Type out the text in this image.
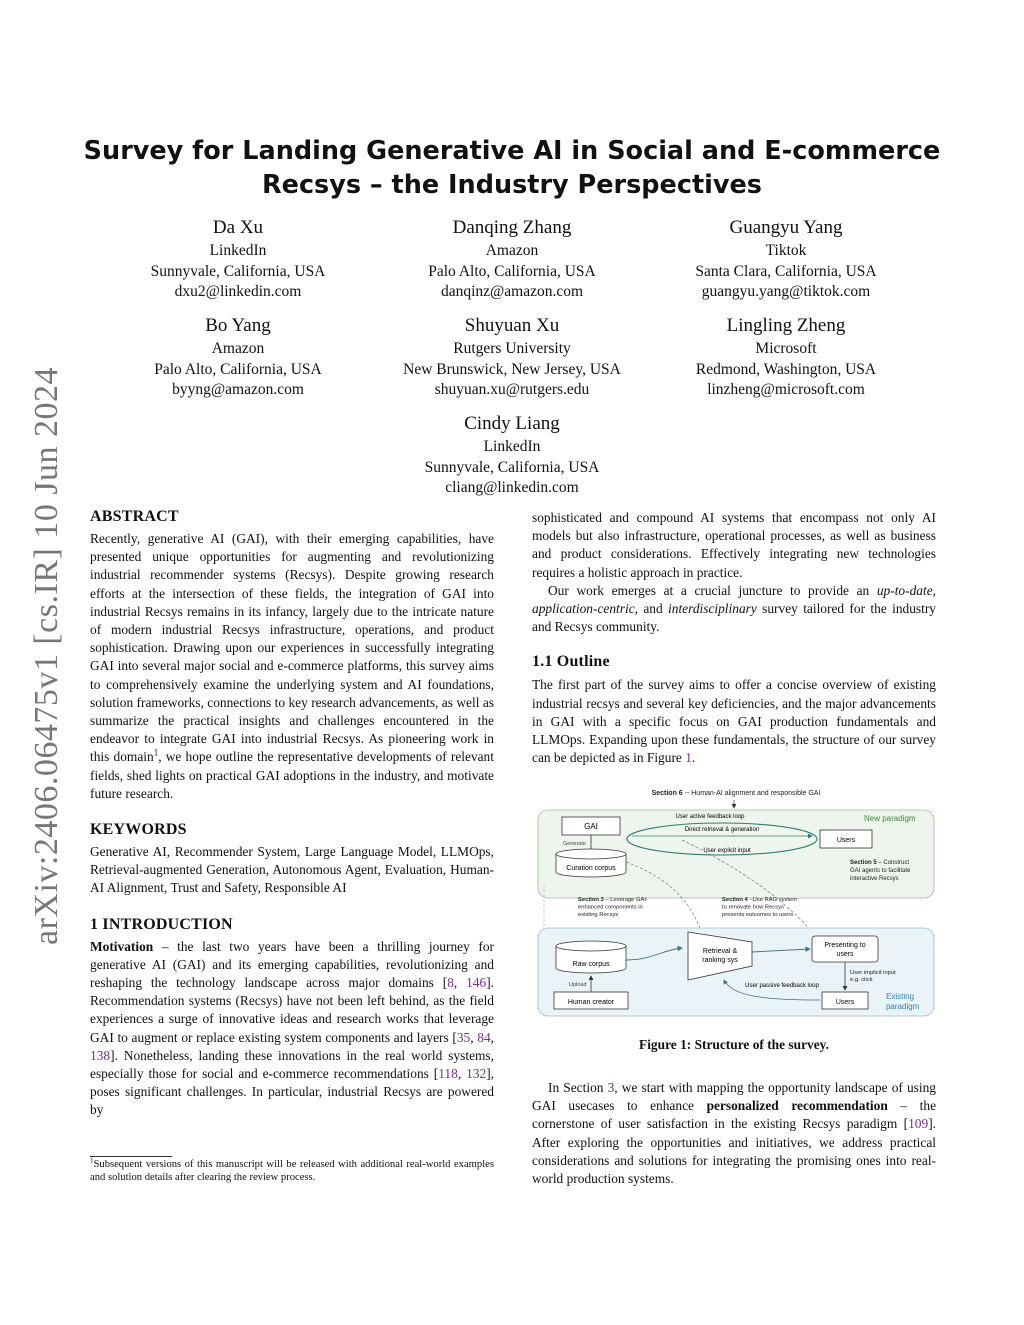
arXiv:2406.06475v1 [cs.IR] 10 Jun 2024
Survey for Landing Generative AI in Social and E-commerce
Recsys – the Industry Perspectives
Da Xu
LinkedIn
Sunnyvale, California, USA
dxu2@linkedin.com
Danqing Zhang
Amazon
Palo Alto, California, USA
danqinz@amazon.com
Guangyu Yang
Tiktok
Santa Clara, California, USA
guangyu.yang@tiktok.com
Bo Yang
Amazon
Palo Alto, California, USA
byyng@amazon.com
Shuyuan Xu
Rutgers University
New Brunswick, New Jersey, USA
shuyuan.xu@rutgers.edu
Lingling Zheng
Microsoft
Redmond, Washington, USA
linzheng@microsoft.com
Cindy Liang
LinkedIn
Sunnyvale, California, USA
cliang@linkedin.com
ABSTRACT

Recently, generative AI (GAI), with their emerging capabilities, have presented unique opportunities for augmenting and revolutionizing industrial recommender systems (Recsys). Despite growing research efforts at the intersection of these fields, the integration of GAI into industrial Recsys remains in its infancy, largely due to the intricate nature of modern industrial Recsys infrastructure, operations, and product sophistication. Drawing upon our experiences in successfully integrating GAI into several major social and e-commerce platforms, this survey aims to comprehensively examine the underlying system and AI foundations, solution frameworks, connections to key research advancements, as well as summarize the practical insights and challenges encountered in the endeavor to integrate GAI into industrial Recsys. As pioneering work in this domain$^1$, we hope outline the representative developments of relevant fields, shed lights on practical GAI adoptions in the industry, and motivate future research.

KEYWORDS

Generative AI, Recommender System, Large Language Model, LLMOps, Retrieval-augmented Generation, Autonomous Agent, Evaluation, Human-AI Alignment, Trust and Safety, Responsible AI

1 INTRODUCTION

Motivation – the last two years have been a thrilling journey for generative AI (GAI) and its emerging capabilities, revolutionizing and reshaping the technology landscape across major domains [8, 146]. Recommendation systems (Recsys) have not been left behind, as the field experiences a surge of innovative ideas and research works that leverage GAI to augment or replace existing system components and layers [35, 84, 138]. Nonetheless, landing these innovations in the real world systems, especially those for social and e-commerce recommendations [118, 132], poses significant challenges. In particular, industrial Recsys are powered by

$^1$Subsequent versions of this manuscript will be released with additional real-world examples and solution details after clearing the review process.

sophisticated and compound AI systems that encompass not only AI models but also infrastructure, operational processes, as well as business and product considerations. Effectively integrating new technologies requires a holistic approach in practice.

Our work emerges at a crucial juncture to provide an up-to-date, application-centric, and interdisciplinary survey tailored for the industry and Recsys community.

1.1 Outline

The first part of the survey aims to offer a concise overview of existing industrial recsys and several key deficiencies, and the major advancements in GAI with a specific focus on GAI production fundamentals and LLMOps. Expanding upon these fundamentals, the structure of our survey can be depicted as in Figure 1.

Section 6 -- Human-AI alignment and responsible GAI
New paradigm
GAI
Generate
Curation corpus
User active feedback loop
Direct retrieval & generation
User explicit input
Users
Section 5 – Construct GAI agents to facilitate interactive Recsys
Section 3 – Leverage GAI-enhanced components in existing Recsys
Section 4 –Use RAG system to renovate how Recsys presents outcomes to users
Existing paradigm
Raw corpus
Upload
Human creator
Retrieval & ranking sys
Presenting to users
User implicit input e.g. click
Users
User passive feedback loop
Figure 1: Structure of the survey.

In Section 3, we start with mapping the opportunity landscape of using GAI usecases to enhance personalized recommendation – the cornerstone of user satisfaction in the existing Recsys paradigm [109]. After exploring the opportunities and initiatives, we address practical considerations and solutions for integrating the promising ones into real-world production systems.
